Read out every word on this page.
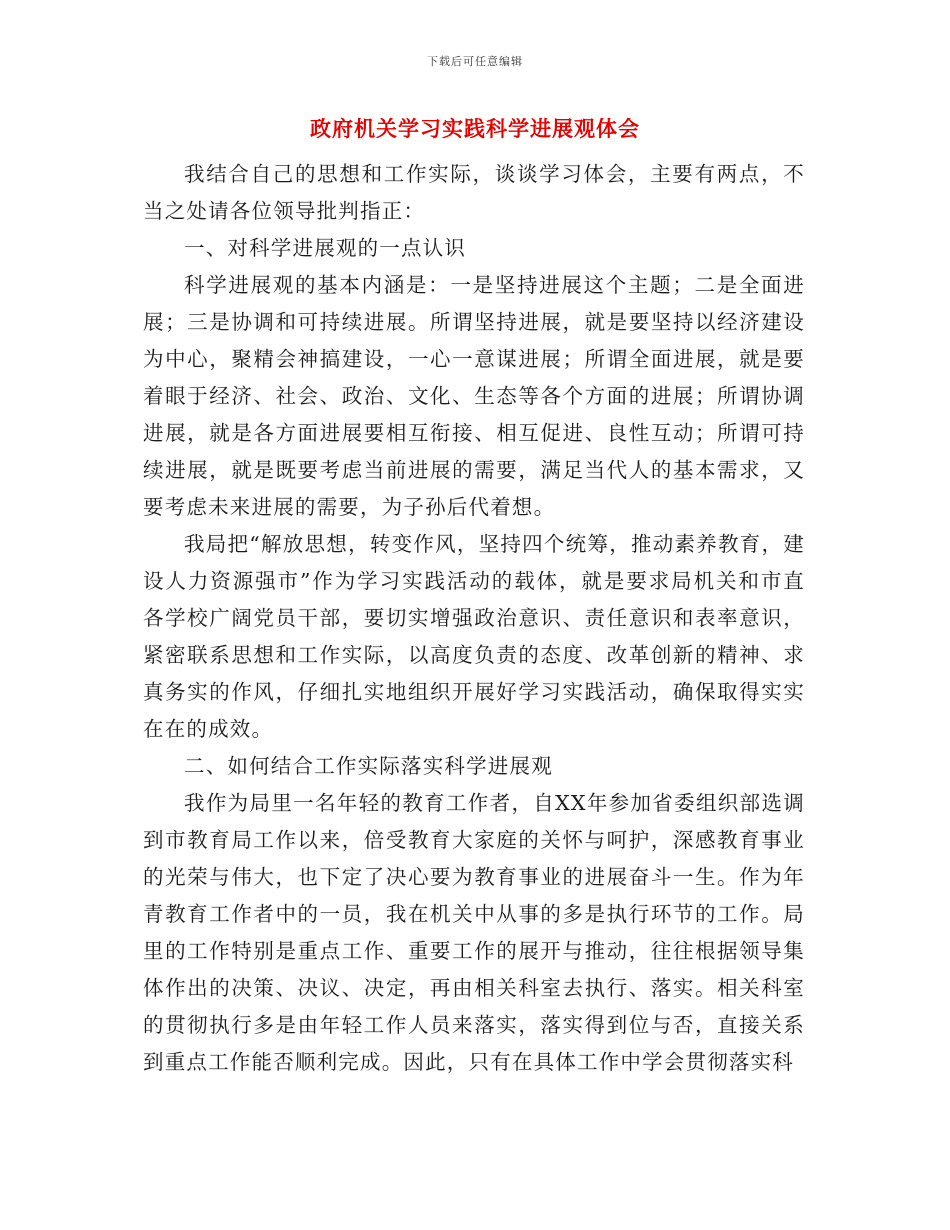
下载后可任意编辑
政府机关学习实践科学进展观体会

我结合自己的思想和工作实际，谈谈学习体会，主要有两点，不当之处请各位领导批判指正：

一、对科学进展观的一点认识

科学进展观的基本内涵是：一是坚持进展这个主题；二是全面进展；三是协调和可持续进展。所谓坚持进展，就是要坚持以经济建设为中心，聚精会神搞建设，一心一意谋进展；所谓全面进展，就是要着眼于经济、社会、政治、文化、生态等各个方面的进展；所谓协调进展，就是各方面进展要相互衔接、相互促进、良性互动；所谓可持续进展，就是既要考虑当前进展的需要，满足当代人的基本需求，又要考虑未来进展的需要，为子孙后代着想。

我局把“解放思想，转变作风，坚持四个统筹，推动素养教育，建设人力资源强市”作为学习实践活动的载体，就是要求局机关和市直各学校广阔党员干部，要切实增强政治意识、责任意识和表率意识，紧密联系思想和工作实际，以高度负责的态度、改革创新的精神、求真务实的作风，仔细扎实地组织开展好学习实践活动，确保取得实实在在的成效。

二、如何结合工作实际落实科学进展观

我作为局里一名年轻的教育工作者，自XX年参加省委组织部选调到市教育局工作以来，倍受教育大家庭的关怀与呵护，深感教育事业的光荣与伟大，也下定了决心要为教育事业的进展奋斗一生。作为年青教育工作者中的一员，我在机关中从事的多是执行环节的工作。局里的工作特别是重点工作、重要工作的展开与推动，往往根据领导集体作出的决策、决议、决定，再由相关科室去执行、落实。相关科室的贯彻执行多是由年轻工作人员来落实，落实得到位与否，直接关系到重点工作能否顺利完成。因此，只有在具体工作中学会贯彻落实科
